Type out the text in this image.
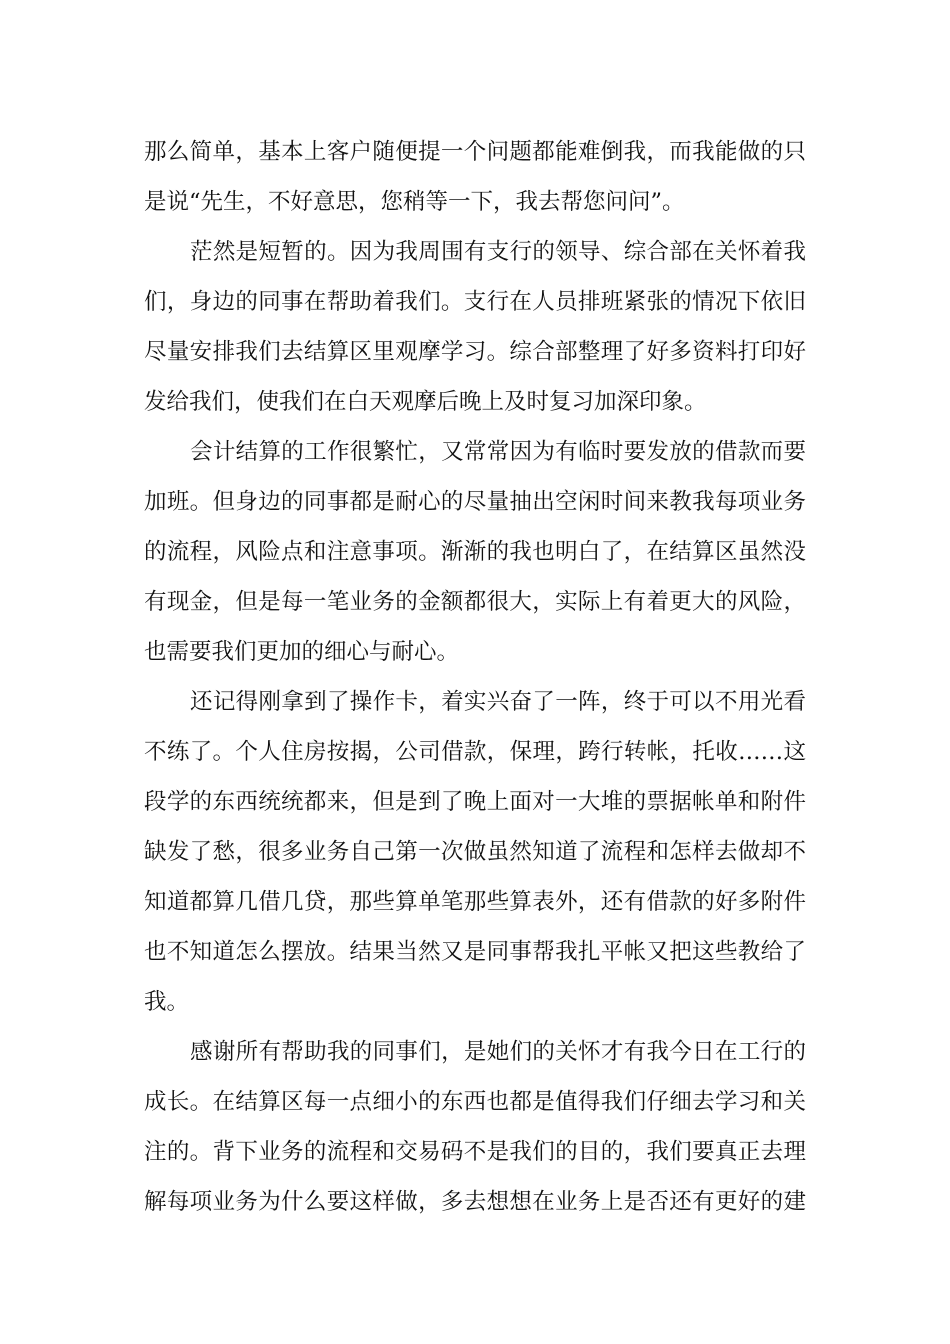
那么简单，基本上客户随便提一个问题都能难倒我，而我能做的只
是说“先生，不好意思，您稍等一下，我去帮您问问”。
茫然是短暂的。因为我周围有支行的领导、综合部在关怀着我
们，身边的同事在帮助着我们。支行在人员排班紧张的情况下依旧
尽量安排我们去结算区里观摩学习。综合部整理了好多资料打印好
发给我们，使我们在白天观摩后晚上及时复习加深印象。
会计结算的工作很繁忙，又常常因为有临时要发放的借款而要
加班。但身边的同事都是耐心的尽量抽出空闲时间来教我每项业务
的流程，风险点和注意事项。渐渐的我也明白了，在结算区虽然没
有现金，但是每一笔业务的金额都很大，实际上有着更大的风险，
也需要我们更加的细心与耐心。
还记得刚拿到了操作卡，着实兴奋了一阵，终于可以不用光看
不练了。个人住房按揭，公司借款，保理，跨行转帐，托收……这
段学的东西统统都来，但是到了晚上面对一大堆的票据帐单和附件
缺发了愁，很多业务自己第一次做虽然知道了流程和怎样去做却不
知道都算几借几贷，那些算单笔那些算表外，还有借款的好多附件
也不知道怎么摆放。结果当然又是同事帮我扎平帐又把这些教给了
我。
感谢所有帮助我的同事们，是她们的关怀才有我今日在工行的
成长。在结算区每一点细小的东西也都是值得我们仔细去学习和关
注的。背下业务的流程和交易码不是我们的目的，我们要真正去理
解每项业务为什么要这样做，多去想想在业务上是否还有更好的建
